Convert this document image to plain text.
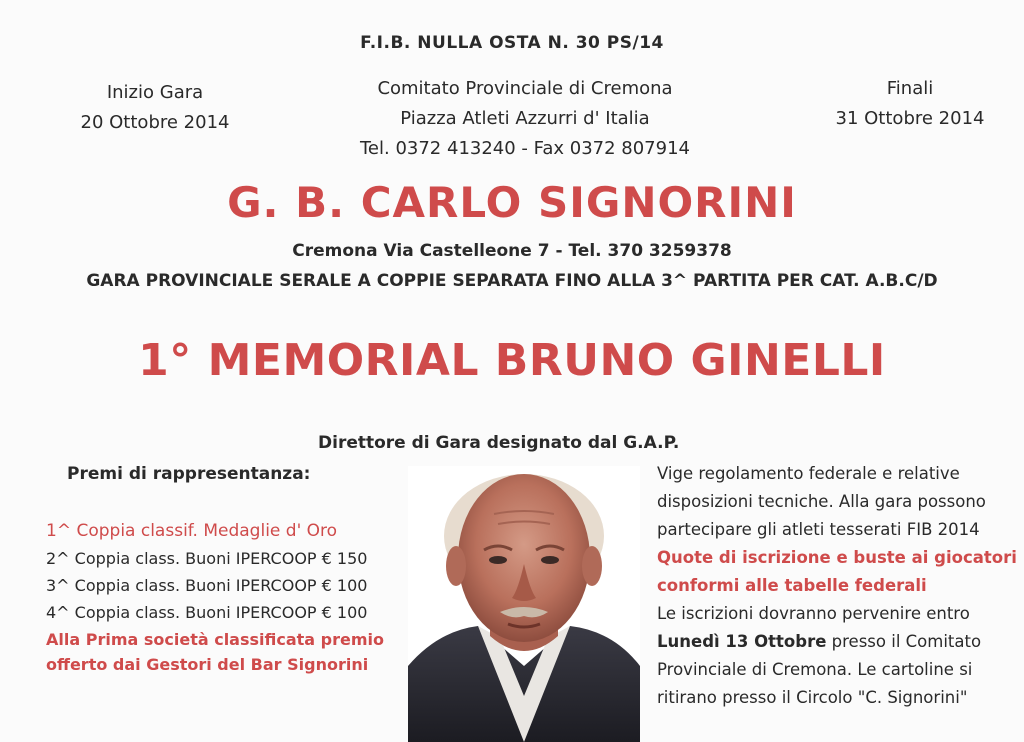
F.I.B. NULLA OSTA N. 30 PS/14
Inizio Gara
20 Ottobre 2014
Comitato Provinciale di Cremona
Piazza Atleti Azzurri d' Italia
Tel. 0372 413240 - Fax 0372 807914
Finali
31 Ottobre 2014
G. B. CARLO SIGNORINI
Cremona Via Castelleone 7 - Tel. 370 3259378
GARA PROVINCIALE SERALE A COPPIE SEPARATA FINO ALLA 3^ PARTITA PER CAT. A.B.C/D
1° MEMORIAL BRUNO GINELLI
Direttore di Gara designato dal G.A.P.
Premi di rappresentanza:
1^ Coppia classif. Medaglie d' Oro
2^ Coppia class. Buoni IPERCOOP € 150
3^ Coppia class. Buoni IPERCOOP € 100
4^ Coppia class. Buoni IPERCOOP € 100
Alla Prima società classificata premio
offerto dai Gestori del Bar Signorini
Vige regolamento federale e relative
disposizioni tecniche. Alla gara possono
partecipare gli atleti tesserati FIB 2014
Quote di iscrizione e buste ai giocatori
conformi alle tabelle federali
Le iscrizioni dovranno pervenire entro
Lunedì 13 Ottobre presso il Comitato
Provinciale di Cremona. Le cartoline si
ritirano presso il Circolo "C. Signorini"
